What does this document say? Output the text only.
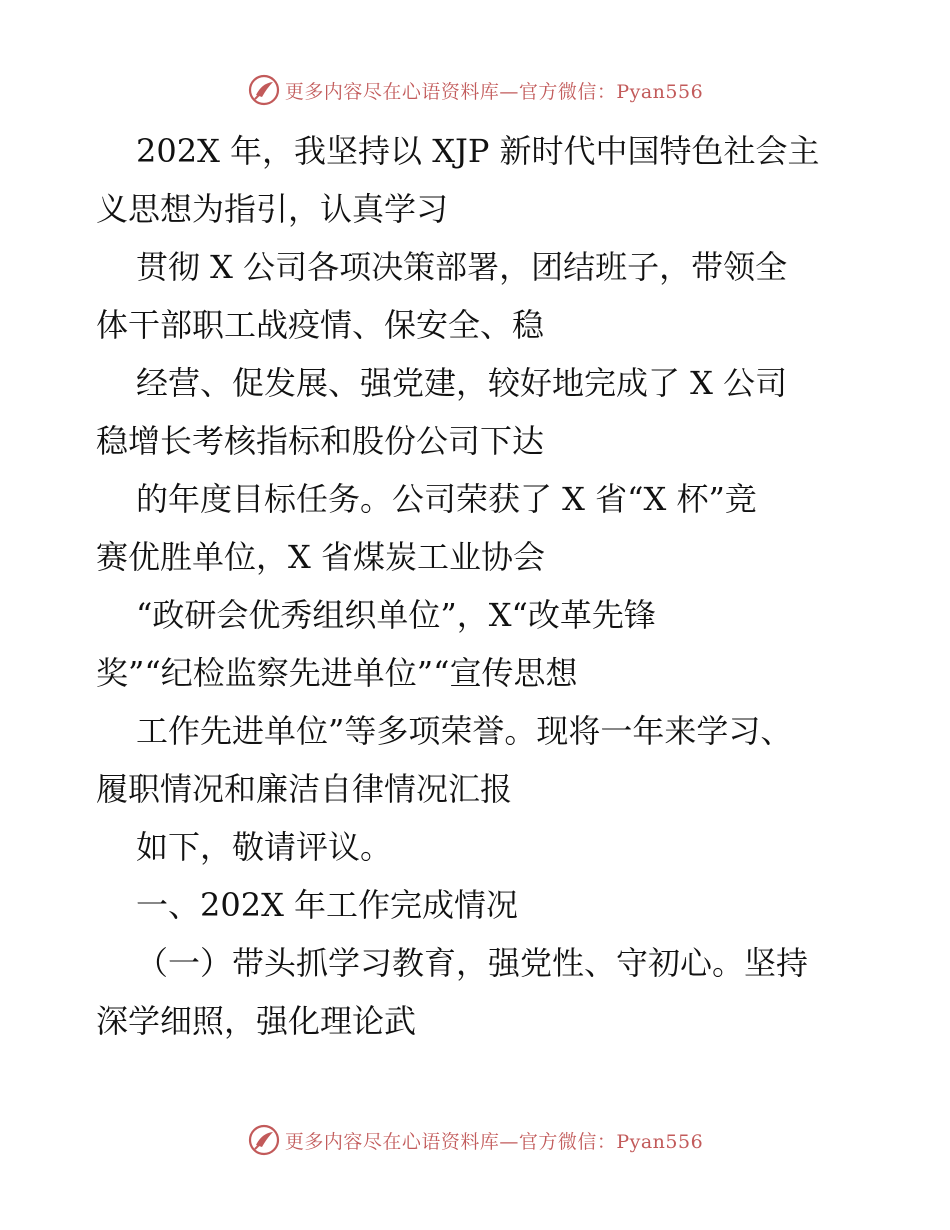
更多内容尽在心语资料库—官方微信：Pyan556
202X 年，我坚持以 XJP 新时代中国特色社会主
义思想为指引，认真学习
贯彻 X 公司各项决策部署，团结班子，带领全
体干部职工战疫情、保安全、稳
经营、促发展、强党建，较好地完成了 X 公司
稳增长考核指标和股份公司下达
的年度目标任务。公司荣获了 X 省“X 杯”竞
赛优胜单位，X 省煤炭工业协会
“政研会优秀组织单位”，X“改革先锋
奖”“纪检监察先进单位”“宣传思想
工作先进单位”等多项荣誉。现将一年来学习、
履职情况和廉洁自律情况汇报
如下，敬请评议。
一、202X 年工作完成情况
（一）带头抓学习教育，强党性、守初心。坚持
深学细照，强化理论武
更多内容尽在心语资料库—官方微信：Pyan556
